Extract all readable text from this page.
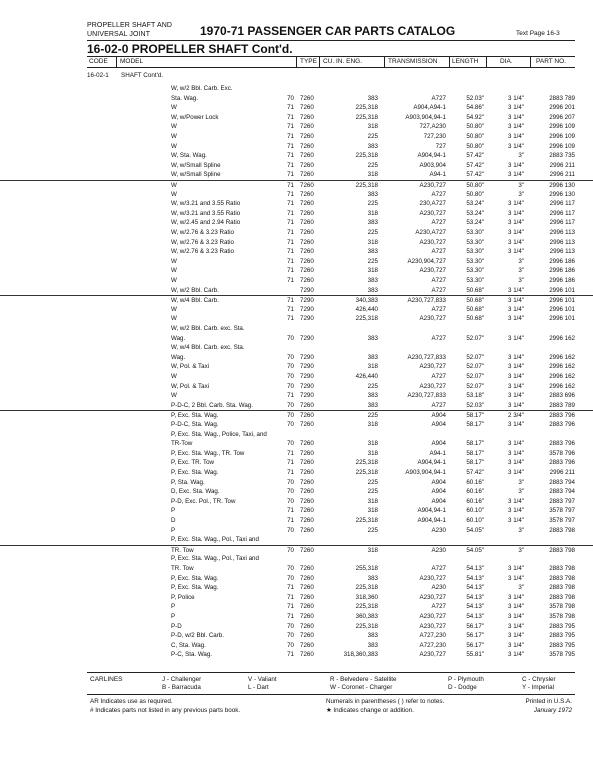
PROPELLER SHAFT AND
UNIVERSAL JOINT	1970-71 PASSENGER CAR PARTS CATALOG	Text Page 16-3
16-02-0 PROPELLER SHAFT Cont'd.
CODE MODEL	TYPE CU. IN. ENG.	TRANSMISSION LENGTH	DIA.	PART NO.
16-02-1 SHAFT Cont'd.
W, w/2 Bbl. Carb. Exc.
Sta. Wag.	70 7260	383	A727	52.03"	3 1/4"	2883 789
W	71 7260	225,318	A904,A94-1	54.86"	3 1/4"	2996 201
W, w/Power Lock	71 7260	225,318	A903,904,94-1	54.92"	3 1/4"	2996 207
W	71 7260	318	727,A230	50.80"	3 1/4"	2996 109
W	71 7260	225	727,230	50.80"	3 1/4"	2996 109
W	71 7260	383	727	50.80"	3 1/4"	2996 109
W, Sta. Wag.	71 7260	225,318	A904,94-1	57.42"	3"	2883 735
W, w/Small Spline	71 7260	225	A903,904	57.42"	3 1/4"	2996 211
W, w/Small Spline	71 7260	318	A94-1	57.42"	3 1/4"	2996 211
W	71 7260	225,318	A230,727	50.80"	3"	2996 130
W	71 7260	383	A727	50.80"	3"	2996 130
W, w/3.21 and 3.55 Ratio	71 7260	225	230,A727	53.24"	3 1/4"	2996 117
W, w/3.21 and 3.55 Ratio	71 7260	318	A230,727	53.24"	3 1/4"	2996 117
W, w/2.45 and 2.94 Ratio	71 7260	383	A727	53.24"	3 1/4"	2996 117
W, w/2.76 & 3.23 Ratio	71 7260	225	A230,A727	53.30"	3 1/4"	2996 113
W, w/2.76 & 3.23 Ratio	71 7260	318	A230,727	53.30"	3 1/4"	2996 113
W, w/2.76 & 3.23 Ratio	71 7260	383	A727	53.30"	3 1/4"	2996 113
W	71 7260	225	A230,904,727	53.30"	3"	2996 186
W	71 7260	318	A230,727	53.30"	3"	2996 186
W	71 7260	383	A727	53.30"	3"	2996 186
W, w/2 Bbl. Carb.	7290	383	A727	50.68"	3 1/4"	2996 101
W, w/4 Bbl. Carb.	71 7290	340,383	A230,727,833	50.68"	3 1/4"	2996 101
W	71 7290	426,440	A727	50.68"	3 1/4"	2996 101
W	71 7290	225,318	A230,727	50.68"	3 1/4"	2996 101
W, w/2 Bbl. Carb. exc. Sta.
Wag.	70 7290	383	A727	52.07"	3 1/4"	2996 162
W, w/4 Bbl. Carb. exc. Sta.
Wag.	70 7290	383	A230,727,833	52.07"	3 1/4"	2996 162
W, Pol. & Taxi	70 7290	318	A230,727	52.07"	3 1/4"	2996 162
W	70 7290	426,440	A727	52.07"	3 1/4"	2996 162
W, Pol. & Taxi	70 7290	225	A230,727	52.07"	3 1/4"	2996 162
W	71 7290	383	A230,727,833	53.18"	3 1/4"	2883 696
P-D-C, 2 Bbl. Carb. Sta. Wag.	70 7260	383	A727	52.03"	3 1/4"	2883 789
P, Exc. Sta. Wag.	70 7260	225	A904	58.17"	2 3/4"	2883 796
P-D-C, Sta. Wag.	70 7260	318	A904	58.17"	3 1/4"	2883 796
P, Exc. Sta. Wag., Police, Taxi, and
TR-Tow	70 7260	318	A904	58.17"	3 1/4"	2883 796
P, Exc. Sta. Wag., TR. Tow	71 7260	318	A94-1	58.17"	3 1/4"	3578 796
P, Exc. TR. Tow	71 7260	225,318	A904,94-1	58.17"	3 1/4"	2883 796
P, Exc. Sta. Wag.	71 7260	225,318	A903,904,94-1	57.42"	3 1/4"	2996 211
P, Sta. Wag.	70 7260	225	A904	60.16"	3"	2883 794
D, Exc. Sta. Wag.	70 7260	225	A904	60.16"	3"	2883 794
P-D, Exc. Pol., TR. Tow	70 7260	318	A904	60.16"	3 1/4"	2883 797
P	71 7260	318	A904,94-1	60.10"	3 1/4"	3578 797
D	71 7260	225,318	A904,94-1	60.10"	3 1/4"	3578 797
P	70 7260	225	A230	54.05"	3"	2883 798
P, Exc. Sta. Wag., Pol., Taxi and
TR. Tow	70 7260	318	A230	54.05"	3"	2883 798
P, Exc. Sta. Wag., Pol., Taxi and
TR. Tow	70 7260	255,318	A727	54.13"	3 1/4"	2883 798
P, Exc. Sta. Wag.	70 7260	383	A230,727	54.13"	3 1/4"	2883 798
P, Exc. Sta. Wag.	71 7260	225,318	A230	54.13"	3"	2883 798
P, Police	71 7260	318,360	A230,727	54.13"	3 1/4"	2883 798
P	71 7260	225,318	A727	54.13"	3 1/4"	3578 798
P	71 7260	360,383	A230,727	54.13"	3 1/4"	3578 798
P-D	70 7260	225,318	A230,727	56.17"	3 1/4"	2883 795
P-D, w/2 Bbl. Carb.	70 7260	383	A727,230	56.17"	3 1/4"	2883 795
C, Sta. Wag.	70 7260	383	A727,230	56.17"	3 1/4"	2883 795
P-C, Sta. Wag.	71 7260	318,360,383	A230,727	55.81"	3 1/4"	3578 795
CARLINES	J - Challenger
B - Barracuda
V - Valiant
L - Dart
R - Belvedere - Satellite
W - Coronet - Charger
P - Plymouth
D - Dodge
C - Chrysler
Y - Imperial
AR Indicates use as required.
# Indicates parts not listed in any previous parts book.
Numerals in parentheses ( ) refer to notes.
★ Indicates change or addition.
Printed in U.S.A.
January 1972
